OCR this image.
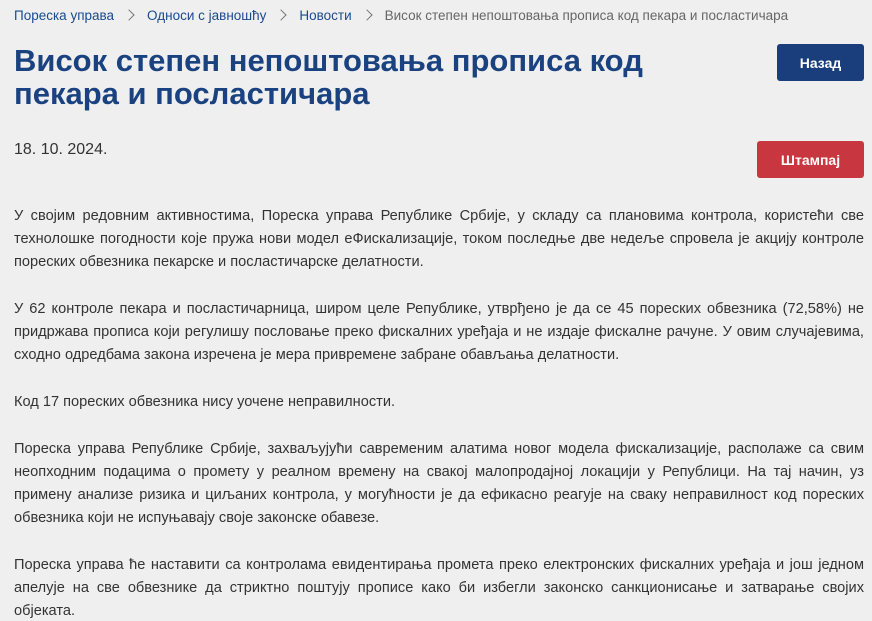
Пореска управа Односи с јавношћу Новости Висок степен непоштовања прописа код пекара и посластичара
Висок степен непоштовања прописа код пекара и посластичара
Назад
18. 10. 2024.
Штампај

У својим редовним активностима, Пореска управа Републике Србије, у складу са плановима контрола, користећи све технолошке погодности које пружа нови модел еФискализације, током последње две недеље спровела је акцију контроле пореских обвезника пекарске и посластичарске делатности.

У 62 контроле пекара и посластичарница, широм целе Републике, утврђено је да се 45 пореских обвезника (72,58%) не придржава прописа који регулишу пословање преко фискалних уређаја и не издаје фискалне рачуне. У овим случајевима, сходно одредбама закона изречена је мера привремене забране обављања делатности.

Код 17 пореских обвезника нису уочене неправилности.

Пореска управа Републике Србије, захваљујући савременим алатима новог модела фискализације, располаже са свим неопходним подацима о промету у реалном времену на свакој малопродајној локацији у Републици. На тај начин, уз примену анализе ризика и циљаних контрола, у могућности је да ефикасно реагује на сваку неправилност код пореских обвезника који не испуњавају своје законске обавезе.

Пореска управа ће наставити са контролама евидентирања промета преко електронских фискалних уређаја и још једном апелује на све обвезнике да стриктно поштују прописе како би избегли законско санкционисање и затварање својих објеката.
